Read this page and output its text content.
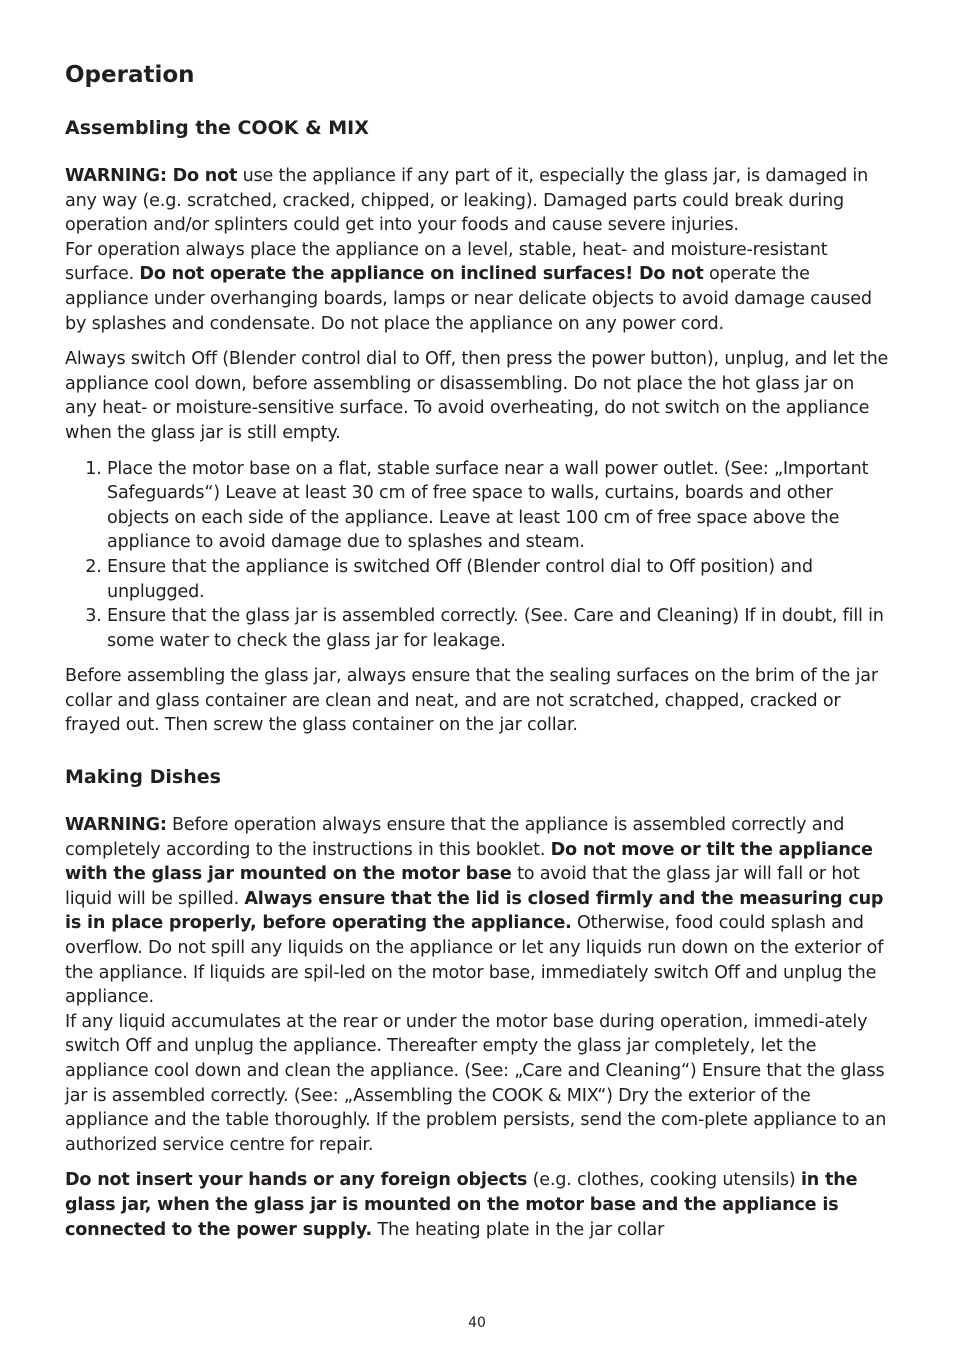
Operation
Assembling the COOK & MIX

WARNING: Do not use the appliance if any part of it, especially the glass jar, is damaged in any way (e.g. scratched, cracked, chipped, or leaking). Damaged parts could break during operation and/or splinters could get into your foods and cause severe injuries.

For operation always place the appliance on a level, stable, heat- and moisture-resistant surface. Do not operate the appliance on inclined surfaces! Do not operate the appliance under overhanging boards, lamps or near delicate objects to avoid damage caused by splashes and condensate. Do not place the appliance on any power cord.

Always switch Off (Blender control dial to Off, then press the power button), unplug, and let the appliance cool down, before assembling or disassembling. Do not place the hot glass jar on any heat- or moisture-sensitive surface. To avoid overheating, do not switch on the appliance when the glass jar is still empty.

1. Place the motor base on a flat, stable surface near a wall power outlet. (See: „Important Safeguards“) Leave at least 30 cm of free space to walls, curtains, boards and other objects on each side of the appliance. Leave at least 100 cm of free space above the appliance to avoid damage due to splashes and steam.
2. Ensure that the appliance is switched Off (Blender control dial to Off position) and unplugged.
3. Ensure that the glass jar is assembled correctly. (See. Care and Cleaning) If in doubt, fill in some water to check the glass jar for leakage.

Before assembling the glass jar, always ensure that the sealing surfaces on the brim of the jar collar and glass container are clean and neat, and are not scratched, chapped, cracked or frayed out. Then screw the glass container on the jar collar.

Making Dishes

WARNING: Before operation always ensure that the appliance is assembled correctly and completely according to the instructions in this booklet. Do not move or tilt the appliance with the glass jar mounted on the motor base to avoid that the glass jar will fall or hot liquid will be spilled. Always ensure that the lid is closed firmly and the measuring cup is in place properly, before operating the appliance. Otherwise, food could splash and overflow. Do not spill any liquids on the appliance or let any liquids run down on the exterior of the appliance. If liquids are spil-led on the motor base, immediately switch Off and unplug the appliance.

If any liquid accumulates at the rear or under the motor base during operation, immedi-ately switch Off and unplug the appliance. Thereafter empty the glass jar completely, let the appliance cool down and clean the appliance. (See: „Care and Cleaning“) Ensure that the glass jar is assembled correctly. (See: „Assembling the COOK & MIX“) Dry the exterior of the appliance and the table thoroughly. If the problem persists, send the com-plete appliance to an authorized service centre for repair.

Do not insert your hands or any foreign objects (e.g. clothes, cooking utensils) in the glass jar, when the glass jar is mounted on the motor base and the appliance is connected to the power supply. The heating plate in the jar collar

40
